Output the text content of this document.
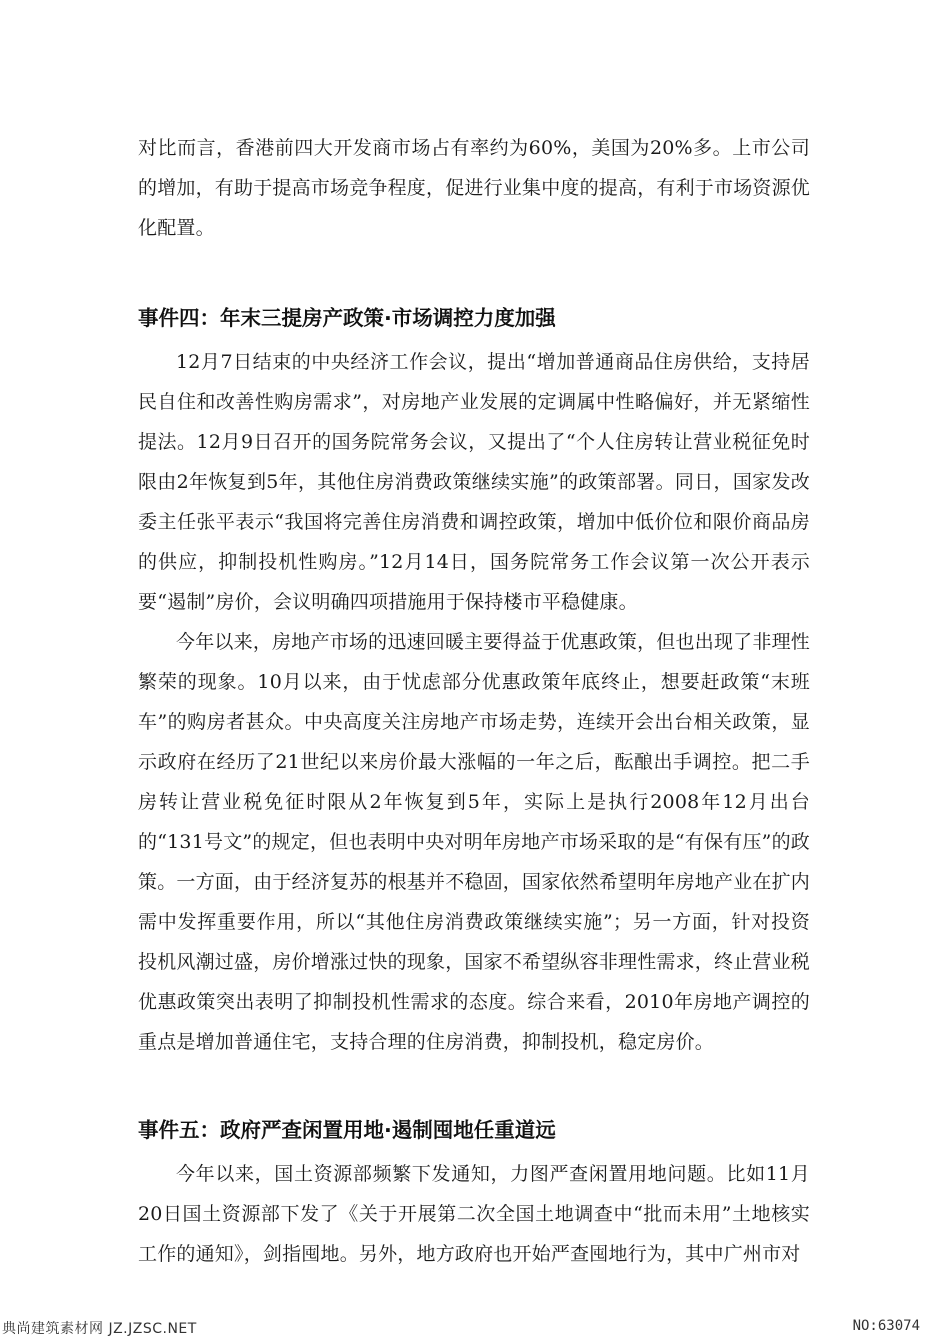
对比而言，香港前四大开发商市场占有率约为60%，美国为20%多。上市公司的增加，有助于提高市场竞争程度，促进行业集中度的提高，有利于市场资源优化配置。

事件四：年末三提房产政策·市场调控力度加强

12月7日结束的中央经济工作会议，提出“增加普通商品住房供给，支持居民自住和改善性购房需求”，对房地产业发展的定调属中性略偏好，并无紧缩性提法。12月9日召开的国务院常务会议，又提出了“个人住房转让营业税征免时限由2年恢复到5年，其他住房消费政策继续实施”的政策部署。同日，国家发改委主任张平表示“我国将完善住房消费和调控政策，增加中低价位和限价商品房的供应，抑制投机性购房。”12月14日，国务院常务工作会议第一次公开表示要“遏制”房价，会议明确四项措施用于保持楼市平稳健康。

今年以来，房地产市场的迅速回暖主要得益于优惠政策，但也出现了非理性繁荣的现象。10月以来，由于忧虑部分优惠政策年底终止，想要赶政策“末班车”的购房者甚众。中央高度关注房地产市场走势，连续开会出台相关政策，显示政府在经历了21世纪以来房价最大涨幅的一年之后，酝酿出手调控。把二手房转让营业税免征时限从2年恢复到5年，实际上是执行2008年12月出台的“131号文”的规定，但也表明中央对明年房地产市场采取的是“有保有压”的政策。一方面，由于经济复苏的根基并不稳固，国家依然希望明年房地产业在扩内需中发挥重要作用，所以“其他住房消费政策继续实施”；另一方面，针对投资投机风潮过盛，房价增涨过快的现象，国家不希望纵容非理性需求，终止营业税优惠政策突出表明了抑制投机性需求的态度。综合来看，2010年房地产调控的重点是增加普通住宅，支持合理的住房消费，抑制投机，稳定房价。

事件五：政府严查闲置用地·遏制囤地任重道远

今年以来，国土资源部频繁下发通知，力图严查闲置用地问题。比如11月20日国土资源部下发了《关于开展第二次全国土地调查中“批而未用”土地核实工作的通知》，剑指囤地。另外，地方政府也开始严查囤地行为，其中广州市对

典尚建筑素材网 JZ.JZSC.NET	NO:63074
